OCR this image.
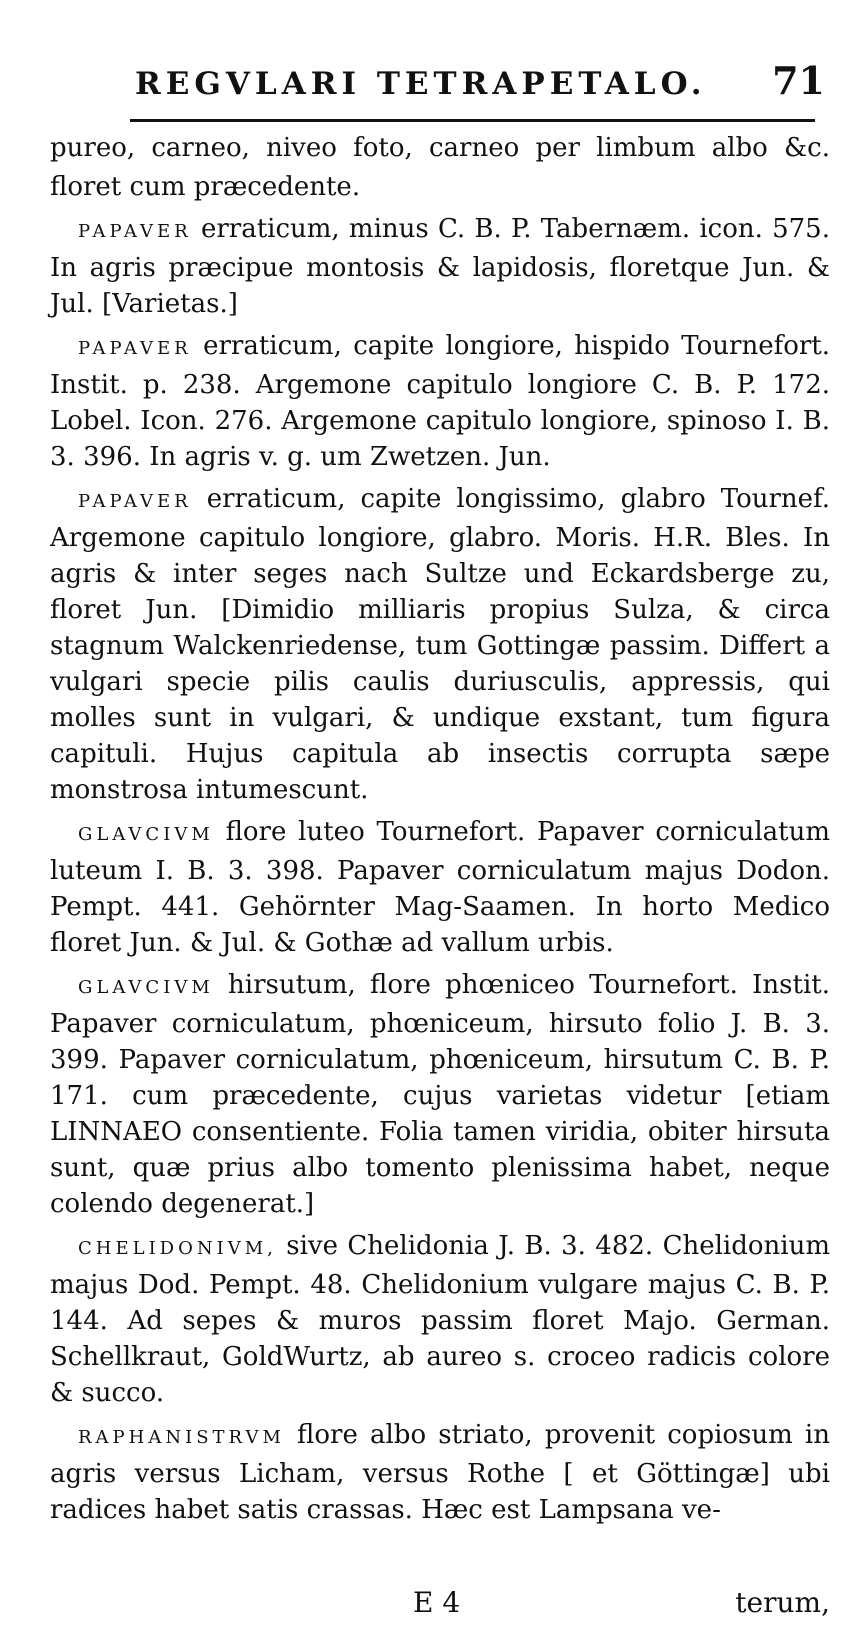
REGVLARI TETRAPETALO. 71

pureo, carneo, niveo foto, carneo per limbum albo &c. floret cum præcedente.

PAPAVER erraticum, minus C. B. P. Tabernæm. icon. 575. In agris præcipue montosis & lapidosis, floretque Jun. & Jul. [Varietas.]

PAPAVER erraticum, capite longiore, hispido Tournefort. Instit. p. 238. Argemone capitulo longiore C. B. P. 172. Lobel. Icon. 276. Argemone capitulo longiore, spinoso I. B. 3. 396. In agris v. g. um Zwetzen. Jun.

PAPAVER erraticum, capite longissimo, glabro Tournef. Argemone capitulo longiore, glabro. Moris. H.R. Bles. In agris & inter seges nach Sultze und Eckardsberge zu, floret Jun. [Dimidio milliaris propius Sulza, & circa stagnum Walckenriedense, tum Gottingæ passim. Differt a vulgari specie pilis caulis duriusculis, appressis, qui molles sunt in vulgari, & undique exstant, tum figura capituli. Hujus capitula ab insectis corrupta sæpe monstrosa intumescunt.

GLAVCIVM flore luteo Tournefort. Papaver corniculatum luteum I. B. 3. 398. Papaver corniculatum majus Dodon. Pempt. 441. Gehörnter Mag-Saamen. In horto Medico floret Jun. & Jul. & Gothæ ad vallum urbis.

GLAVCIVM hirsutum, flore phœniceo Tournefort. Instit. Papaver corniculatum, phœniceum, hirsuto folio J. B. 3. 399. Papaver corniculatum, phœniceum, hirsutum C. B. P. 171. cum præcedente, cujus varietas videtur [etiam LINNAEO consentiente. Folia tamen viridia, obiter hirsuta sunt, quæ prius albo tomento plenissima habet, neque colendo degenerat.]

CHELIDONIVM, sive Chelidonia J. B. 3. 482. Chelidonium majus Dod. Pempt. 48. Chelidonium vulgare majus C. B. P. 144. Ad sepes & muros passim floret Majo. German. Schellkraut, GoldWurtz, ab aureo s. croceo radicis colore & succo.

RAPHANISTRVM flore albo striato, provenit copiosum in agris versus Licham, versus Rothe [ et Göttingæ] ubi radices habet satis crassas. Hæc est Lampsana ve-

E 4	terum,
